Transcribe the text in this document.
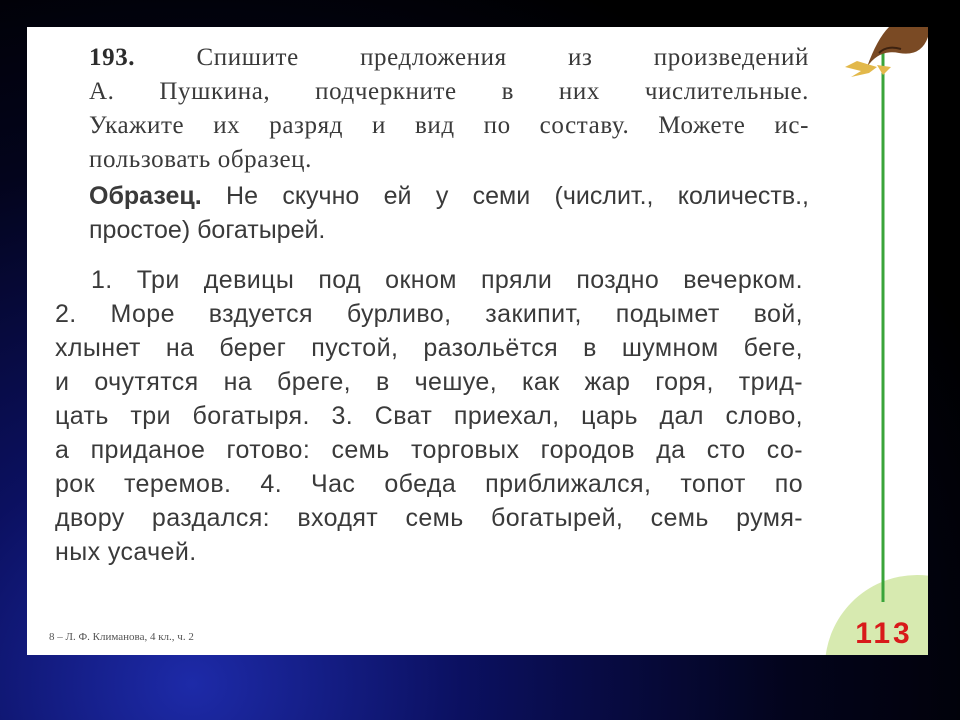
193. Спишите предложения из произведений
А. Пушкина, подчеркните в них числительные.
Укажите их разряд и вид по составу. Можете ис-
пользовать образец.
Образец. Не скучно ей у семи (числит., количеств.,
простое) богатырей.
1. Три девицы под окном пряли поздно вечерком.
2. Море вздуется бурливо, закипит, подымет вой,
хлынет на берег пустой, разольётся в шумном беге,
и очутятся на бреге, в чешуе, как жар горя, трид-
цать три богатыря. 3. Сват приехал, царь дал слово,
а приданое готово: семь торговых городов да сто со-
рок теремов. 4. Час обеда приближался, топот по
двору раздался: входят семь богатырей, семь румя-
ных усачей.
8 – Л. Ф. Климанова, 4 кл., ч. 2	113
